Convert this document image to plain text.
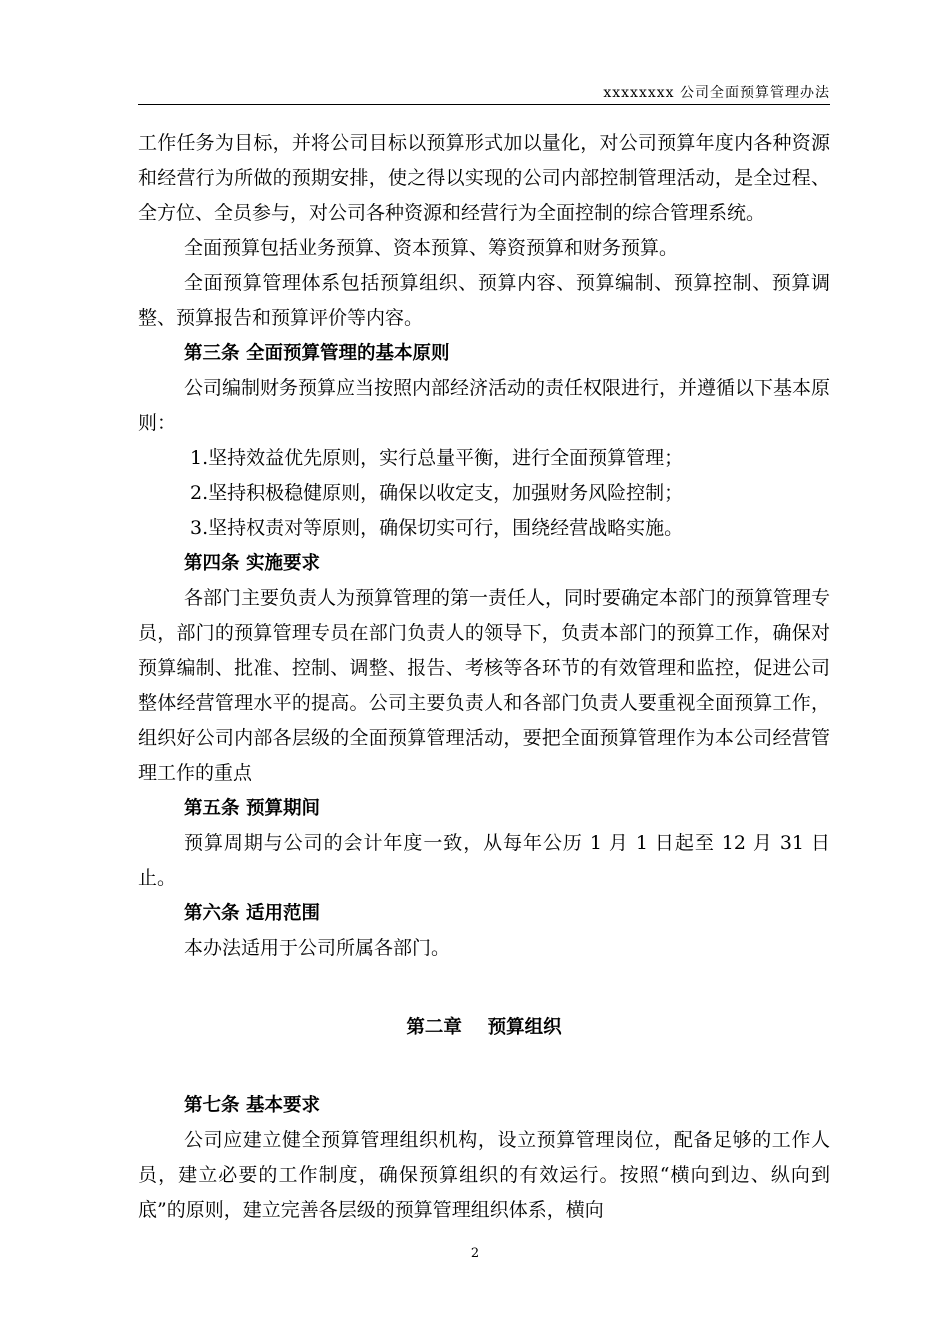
xxxxxxxx 公司全面预算管理办法

工作任务为目标，并将公司目标以预算形式加以量化，对公司预算年度内各种资源和经营行为所做的预期安排，使之得以实现的公司内部控制管理活动，是全过程、全方位、全员参与，对公司各种资源和经营行为全面控制的综合管理系统。

全面预算包括业务预算、资本预算、筹资预算和财务预算。

全面预算管理体系包括预算组织、预算内容、预算编制、预算控制、预算调整、预算报告和预算评价等内容。

第三条 全面预算管理的基本原则

公司编制财务预算应当按照内部经济活动的责任权限进行，并遵循以下基本原则：

1.坚持效益优先原则，实行总量平衡，进行全面预算管理；

2.坚持积极稳健原则，确保以收定支，加强财务风险控制；

3.坚持权责对等原则，确保切实可行，围绕经营战略实施。

第四条 实施要求

各部门主要负责人为预算管理的第一责任人，同时要确定本部门的预算管理专员，部门的预算管理专员在部门负责人的领导下，负责本部门的预算工作，确保对预算编制、批准、控制、调整、报告、考核等各环节的有效管理和监控，促进公司整体经营管理水平的提高。公司主要负责人和各部门负责人要重视全面预算工作，组织好公司内部各层级的全面预算管理活动，要把全面预算管理作为本公司经营管理工作的重点

第五条 预算期间

预算周期与公司的会计年度一致，从每年公历 1 月 1 日起至 12 月 31 日止。

第六条 适用范围

本办法适用于公司所属各部门。

第二章    预算组织

第七条 基本要求

公司应建立健全预算管理组织机构，设立预算管理岗位，配备足够的工作人员，建立必要的工作制度，确保预算组织的有效运行。按照“横向到边、纵向到底”的原则，建立完善各层级的预算管理组织体系，横向

2
